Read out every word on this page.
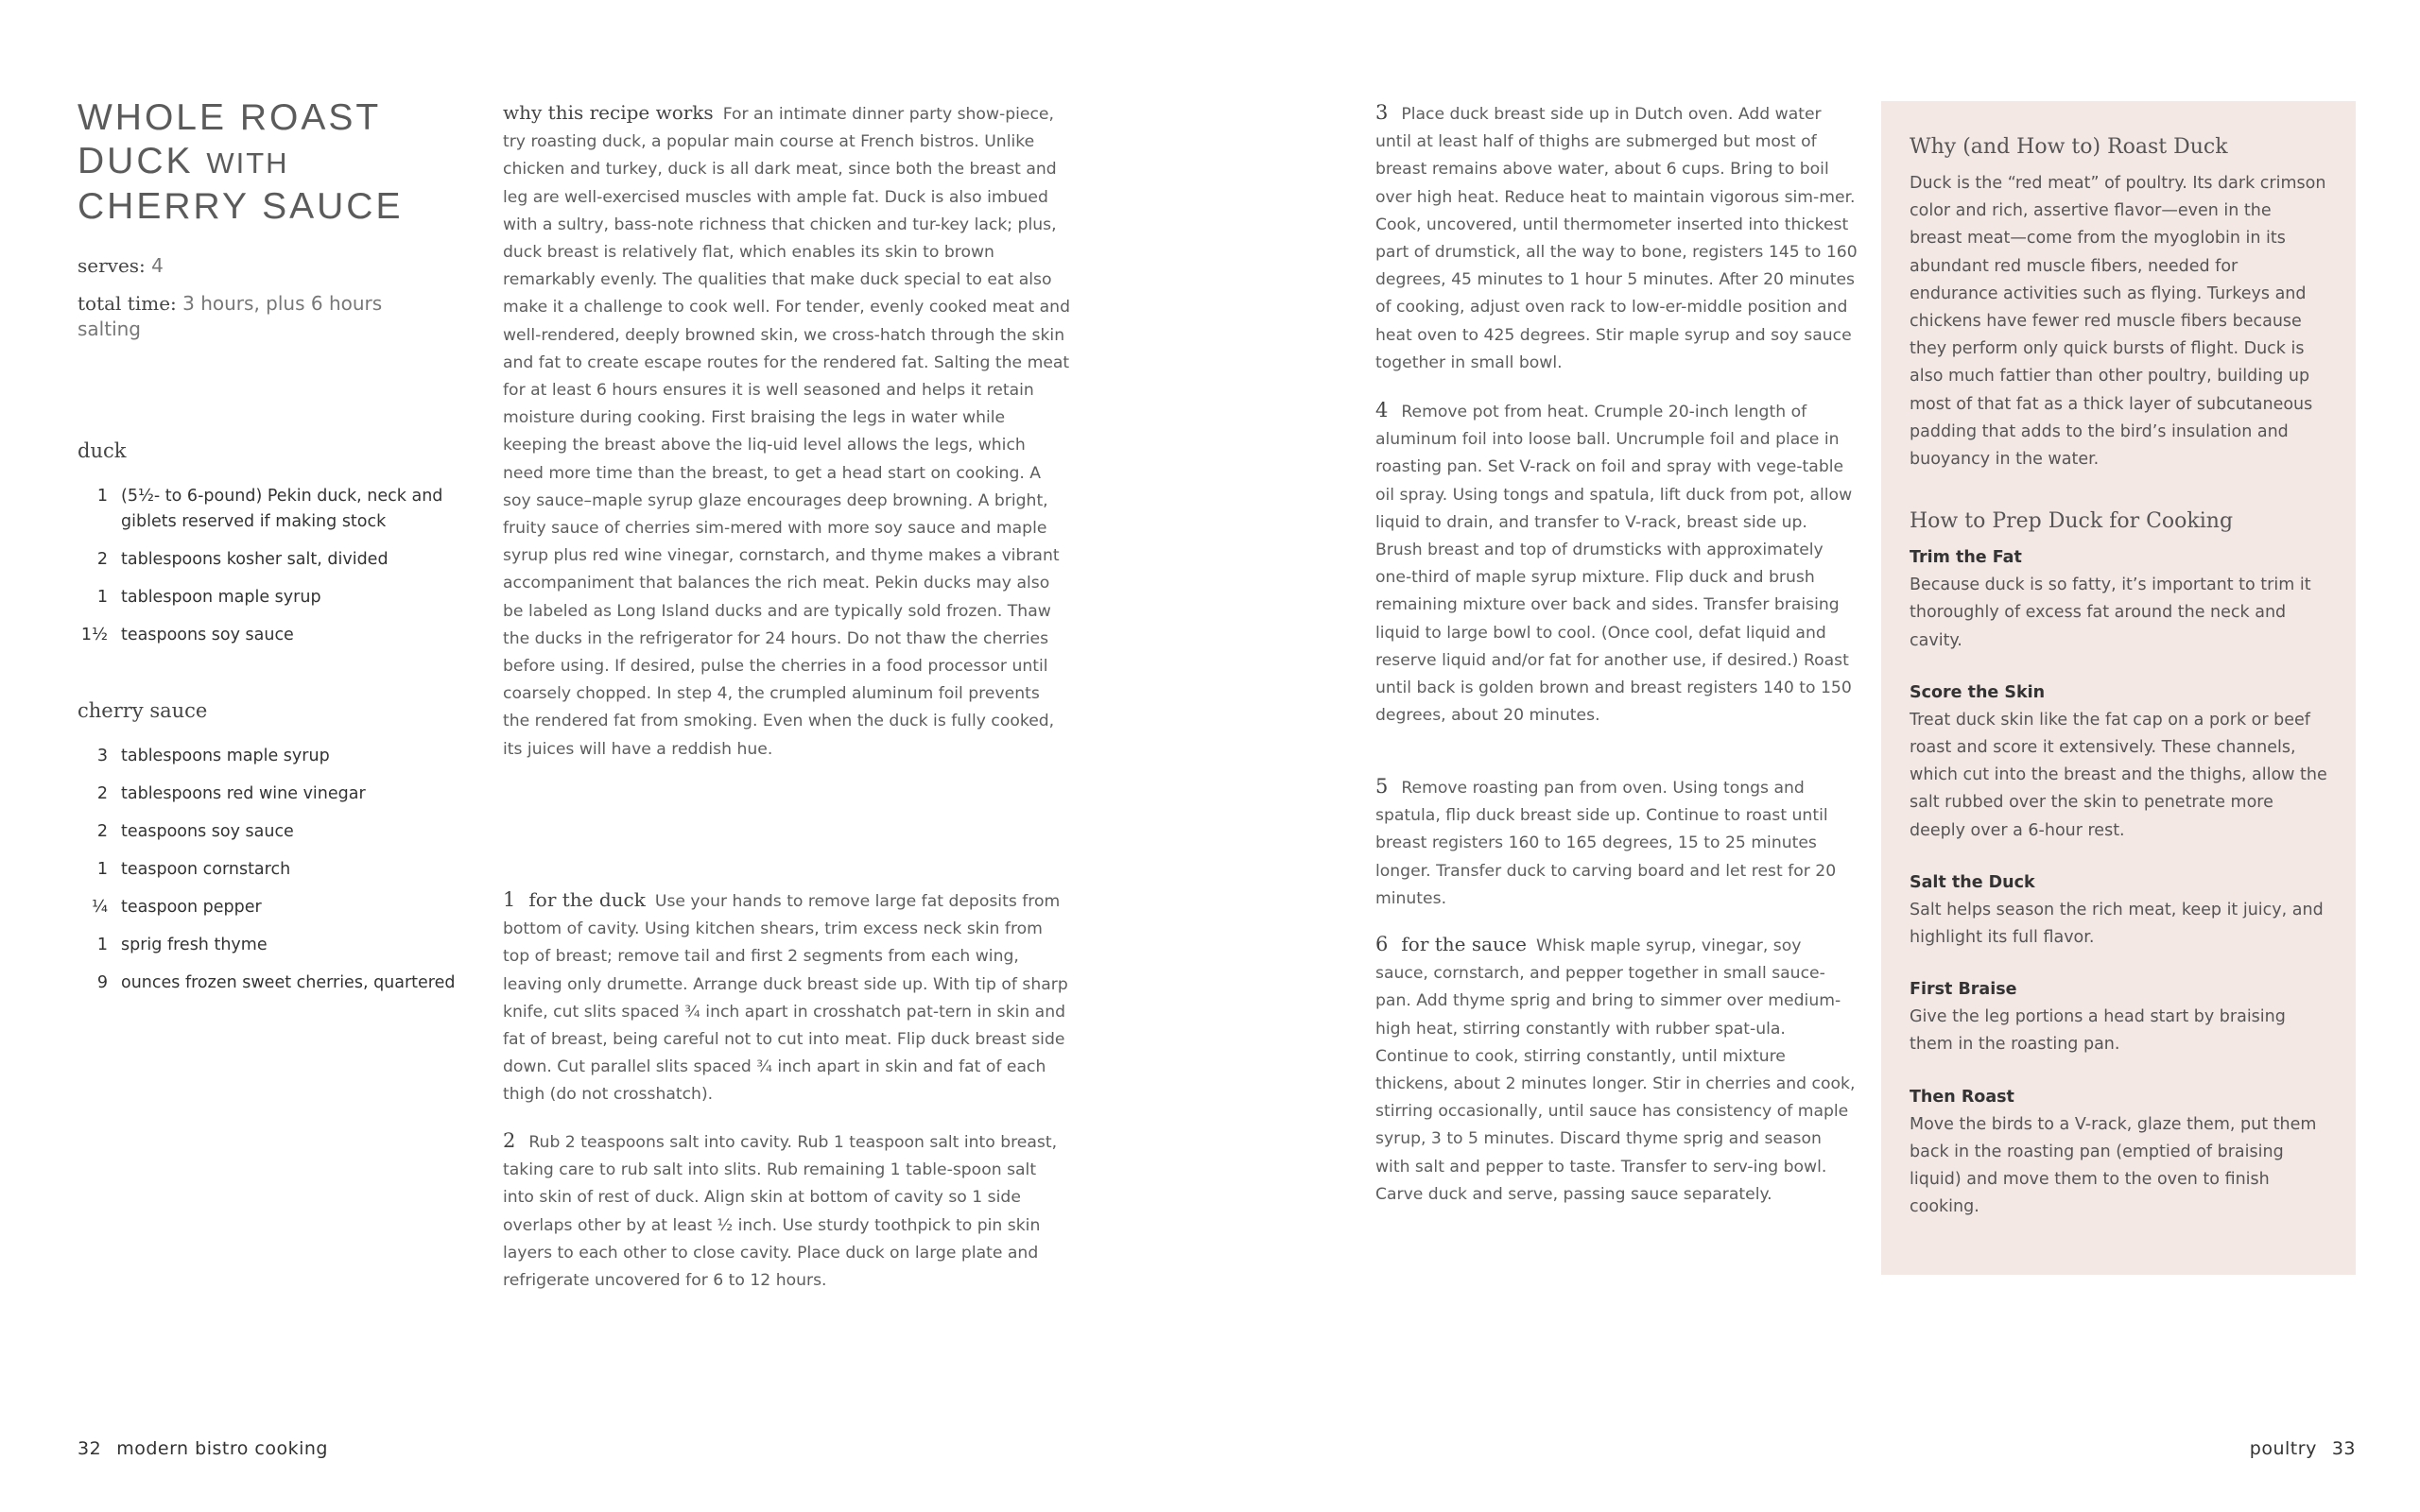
WHOLE ROAST
DUCK WITH
CHERRY SAUCE
serves: 4
total time: 3 hours, plus 6 hours salting
duck
1 (5½- to 6-pound) Pekin duck, neck and giblets reserved if making stock
2 tablespoons kosher salt, divided
1 tablespoon maple syrup
1½ teaspoons soy sauce
cherry sauce
3 tablespoons maple syrup
2 tablespoons red wine vinegar
2 teaspoons soy sauce
1 teaspoon cornstarch
¼ teaspoon pepper
1 sprig fresh thyme
9 ounces frozen sweet cherries, quartered

why this recipe works For an intimate dinner party show-piece, try roasting duck, a popular main course at French bistros. Unlike chicken and turkey, duck is all dark meat, since both the breast and leg are well-exercised muscles with ample fat. Duck is also imbued with a sultry, bass-note richness that chicken and tur-key lack; plus, duck breast is relatively flat, which enables its skin to brown remarkably evenly. The qualities that make duck special to eat also make it a challenge to cook well. For tender, evenly cooked meat and well-rendered, deeply browned skin, we cross-hatch through the skin and fat to create escape routes for the rendered fat. Salting the meat for at least 6 hours ensures it is well seasoned and helps it retain moisture during cooking. First braising the legs in water while keeping the breast above the liq-uid level allows the legs, which need more time than the breast, to get a head start on cooking. A soy sauce–maple syrup glaze encourages deep browning. A bright, fruity sauce of cherries sim-mered with more soy sauce and maple syrup plus red wine vinegar, cornstarch, and thyme makes a vibrant accompaniment that balances the rich meat. Pekin ducks may also be labeled as Long Island ducks and are typically sold frozen. Thaw the ducks in the refrigerator for 24 hours. Do not thaw the cherries before using. If desired, pulse the cherries in a food processor until coarsely chopped. In step 4, the crumpled aluminum foil prevents the rendered fat from smoking. Even when the duck is fully cooked, its juices will have a reddish hue.

1 for the duck Use your hands to remove large fat deposits from bottom of cavity. Using kitchen shears, trim excess neck skin from top of breast; remove tail and first 2 segments from each wing, leaving only drumette. Arrange duck breast side up. With tip of sharp knife, cut slits spaced ¾ inch apart in crosshatch pat-tern in skin and fat of breast, being careful not to cut into meat. Flip duck breast side down. Cut parallel slits spaced ¾ inch apart in skin and fat of each thigh (do not crosshatch).

2 Rub 2 teaspoons salt into cavity. Rub 1 teaspoon salt into breast, taking care to rub salt into slits. Rub remaining 1 table-spoon salt into skin of rest of duck. Align skin at bottom of cavity so 1 side overlaps other by at least ½ inch. Use sturdy toothpick to pin skin layers to each other to close cavity. Place duck on large plate and refrigerate uncovered for 6 to 12 hours.

3 Place duck breast side up in Dutch oven. Add water until at least half of thighs are submerged but most of breast remains above water, about 6 cups. Bring to boil over high heat. Reduce heat to maintain vigorous sim-mer. Cook, uncovered, until thermometer inserted into thickest part of drumstick, all the way to bone, registers 145 to 160 degrees, 45 minutes to 1 hour 5 minutes. After 20 minutes of cooking, adjust oven rack to low-er-middle position and heat oven to 425 degrees. Stir maple syrup and soy sauce together in small bowl.

4 Remove pot from heat. Crumple 20-inch length of aluminum foil into loose ball. Uncrumple foil and place in roasting pan. Set V-rack on foil and spray with vege-table oil spray. Using tongs and spatula, lift duck from pot, allow liquid to drain, and transfer to V-rack, breast side up. Brush breast and top of drumsticks with approximately one-third of maple syrup mixture. Flip duck and brush remaining mixture over back and sides. Transfer braising liquid to large bowl to cool. (Once cool, defat liquid and reserve liquid and/or fat for another use, if desired.) Roast until back is golden brown and breast registers 140 to 150 degrees, about 20 minutes.

5 Remove roasting pan from oven. Using tongs and spatula, flip duck breast side up. Continue to roast until breast registers 160 to 165 degrees, 15 to 25 minutes longer. Transfer duck to carving board and let rest for 20 minutes.

6 for the sauce Whisk maple syrup, vinegar, soy sauce, cornstarch, and pepper together in small sauce-pan. Add thyme sprig and bring to simmer over medium-high heat, stirring constantly with rubber spat-ula. Continue to cook, stirring constantly, until mixture thickens, about 2 minutes longer. Stir in cherries and cook, stirring occasionally, until sauce has consistency of maple syrup, 3 to 5 minutes. Discard thyme sprig and season with salt and pepper to taste. Transfer to serv-ing bowl. Carve duck and serve, passing sauce separately.

Why (and How to) Roast Duck

Duck is the “red meat” of poultry. Its dark crimson color and rich, assertive flavor—even in the breast meat—come from the myoglobin in its abundant red muscle fibers, needed for endurance activities such as flying. Turkeys and chickens have fewer red muscle fibers because they perform only quick bursts of flight. Duck is also much fattier than other poultry, building up most of that fat as a thick layer of subcutaneous padding that adds to the bird’s insulation and buoyancy in the water.

How to Prep Duck for Cooking

Trim the Fat

Because duck is so fatty, it’s important to trim it thoroughly of excess fat around the neck and cavity.

Score the Skin

Treat duck skin like the fat cap on a pork or beef roast and score it extensively. These channels, which cut into the breast and the thighs, allow the salt rubbed over the skin to penetrate more deeply over a 6-hour rest.

Salt the Duck

Salt helps season the rich meat, keep it juicy, and highlight its full flavor.

First Braise

Give the leg portions a head start by braising them in the roasting pan.

Then Roast

Move the birds to a V-rack, glaze them, put them back in the roasting pan (emptied of braising liquid) and move them to the oven to finish cooking.

32 modern bistro cooking	poultry 33
